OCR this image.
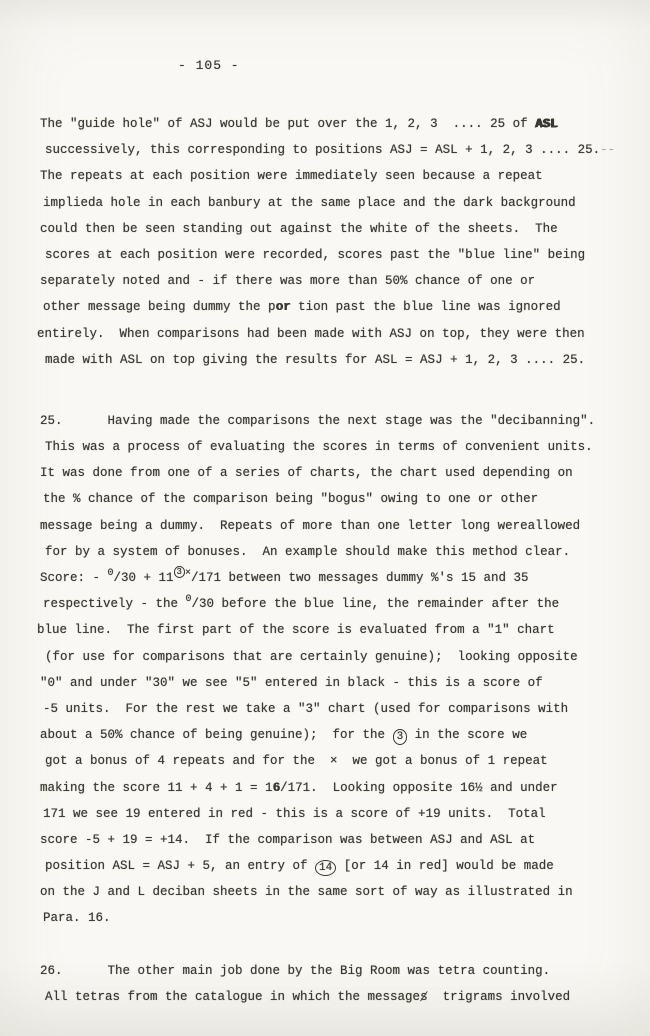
- 105 -
The "guide hole" of ASJ would be put over the 1, 2, 3  .... 25 of ASL
successively, this corresponding to positions ASJ = ASL + 1, 2, 3 .... 25.--
The repeats at each position were immediately seen because a repeat
implieda hole in each banbury at the same place and the dark background
could then be seen standing out against the white of the sheets.  The
scores at each position were recorded, scores past the "blue line" being
separately noted and - if there was more than 50% chance of one or
other message being dummy the por tion past the blue line was ignored
entirely.  When comparisons had been made with ASJ on top, they were then
made with ASL on top giving the results for ASL = ASJ + 1, 2, 3 .... 25.
25.      Having made the comparisons the next stage was the "decibanning".
This was a process of evaluating the scores in terms of convenient units.
It was done from one of a series of charts, the chart used depending on
the % chance of the comparison being "bogus" owing to one or other
message being a dummy.  Repeats of more than one letter long wereallowed
for by a system of bonuses.  An example should make this method clear.
Score: - $^0$/30 + 11 3 ×/171 between two messages dummy %'s 15 and 35
respectively - the $^0$/30 before the blue line, the remainder after the
blue line.  The first part of the score is evaluated from a "1" chart
(for use for comparisons that are certainly genuine);  looking opposite
"0" and under "30" we see "5" entered in black - this is a score of
-5 units.  For the rest we take a "3" chart (used for comparisons with
about a 50% chance of being genuine);  for the 3 in the score we
got a bonus of 4 repeats and for the  ×  we got a bonus of 1 repeat
making the score 11 + 4 + 1 = 16/171.  Looking opposite 16½ and under
171 we see 19 entered in red - this is a score of +19 units.  Total
score -5 + 19 = +14.  If the comparison was between ASJ and ASL at
position ASL = ASJ + 5, an entry of 14 [or 14 in red] would be made
on the J and L deciban sheets in the same sort of way as illustrated in
Para. 16.
26.      The other main job done by the Big Room was tetra counting.
All tetras from the catalogue in which the messages  trigrams involved
